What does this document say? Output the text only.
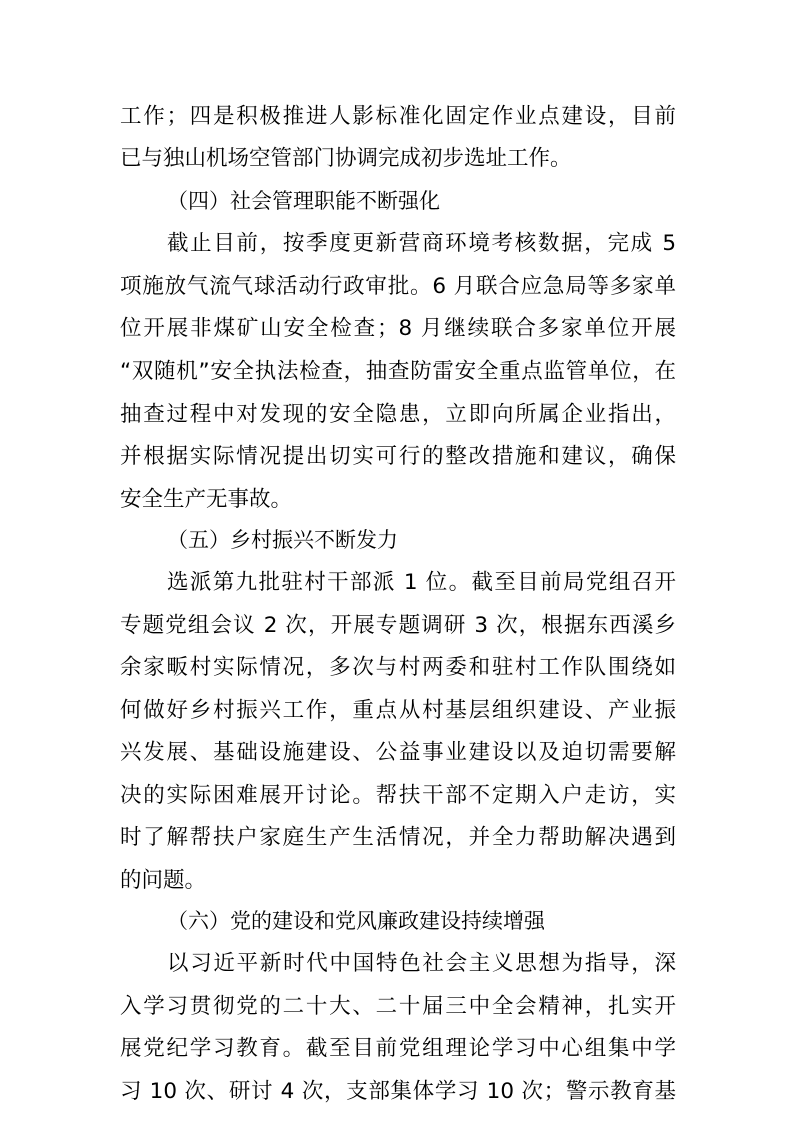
工作；四是积极推进人影标准化固定作业点建设，目前
已与独山机场空管部门协调完成初步选址工作。
（四）社会管理职能不断强化
截止目前，按季度更新营商环境考核数据，完成 5
项施放气流气球活动行政审批。6 月联合应急局等多家单
位开展非煤矿山安全检查；8 月继续联合多家单位开展
“双随机”安全执法检查，抽查防雷安全重点监管单位，在
抽查过程中对发现的安全隐患，立即向所属企业指出，
并根据实际情况提出切实可行的整改措施和建议，确保
安全生产无事故。
（五）乡村振兴不断发力
选派第九批驻村干部派 1 位。截至目前局党组召开
专题党组会议 2 次，开展专题调研 3 次，根据东西溪乡
余家畈村实际情况，多次与村两委和驻村工作队围绕如
何做好乡村振兴工作，重点从村基层组织建设、产业振
兴发展、基础设施建设、公益事业建设以及迫切需要解
决的实际困难展开讨论。帮扶干部不定期入户走访，实
时了解帮扶户家庭生产生活情况，并全力帮助解决遇到
的问题。
（六）党的建设和党风廉政建设持续增强
以习近平新时代中国特色社会主义思想为指导，深
入学习贯彻党的二十大、二十届三中全会精神，扎实开
展党纪学习教育。截至目前党组理论学习中心组集中学
习 10 次、研讨 4 次，支部集体学习 10 次；警示教育基
